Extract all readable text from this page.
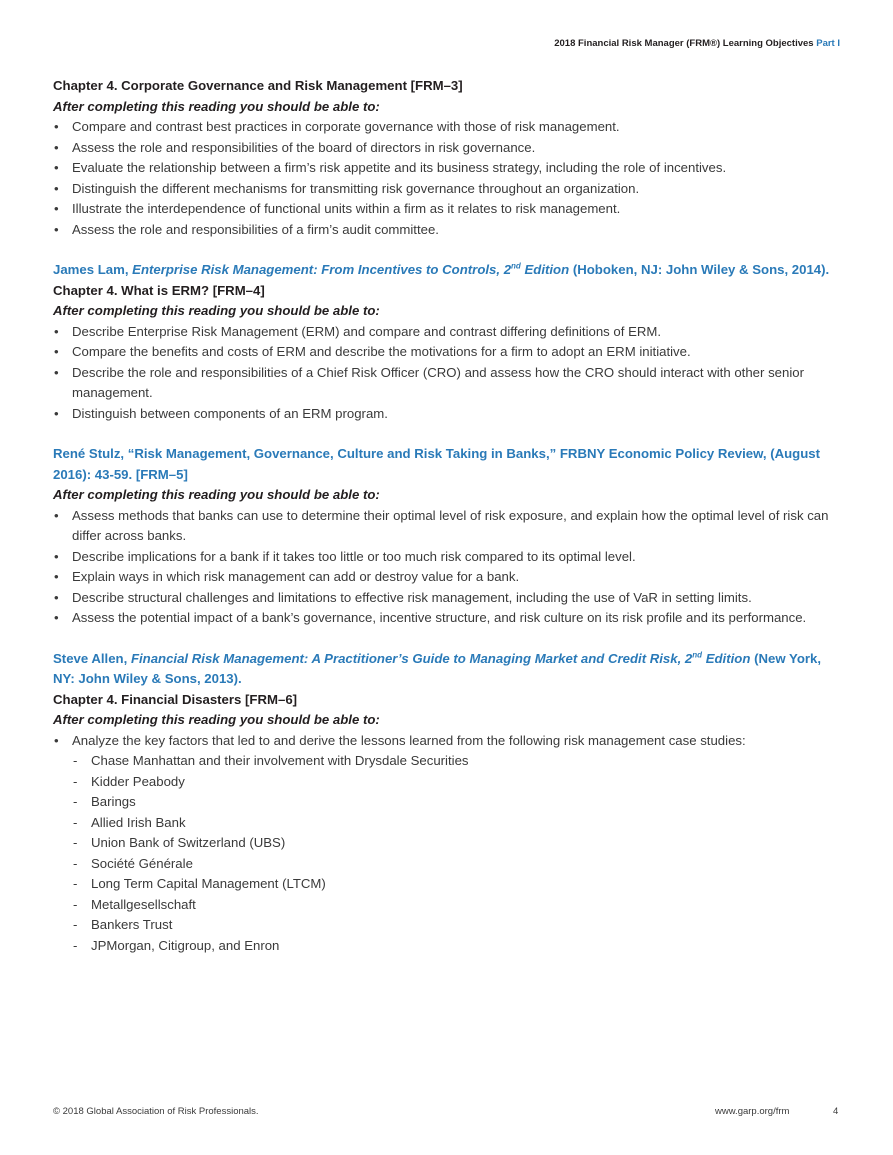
2018 Financial Risk Manager (FRM®) Learning Objectives Part I
Chapter 4. Corporate Governance and Risk Management [FRM–3]
After completing this reading you should be able to:
• Compare and contrast best practices in corporate governance with those of risk management.
• Assess the role and responsibilities of the board of directors in risk governance.
• Evaluate the relationship between a firm’s risk appetite and its business strategy, including the role of incentives.
• Distinguish the different mechanisms for transmitting risk governance throughout an organization.
• Illustrate the interdependence of functional units within a firm as it relates to risk management.
• Assess the role and responsibilities of a firm’s audit committee.
James Lam, Enterprise Risk Management: From Incentives to Controls, 2nd Edition (Hoboken, NJ: John Wiley & Sons, 2014).
Chapter 4. What is ERM? [FRM–4]
After completing this reading you should be able to:
• Describe Enterprise Risk Management (ERM) and compare and contrast differing definitions of ERM.
• Compare the benefits and costs of ERM and describe the motivations for a firm to adopt an ERM initiative.
• Describe the role and responsibilities of a Chief Risk Officer (CRO) and assess how the CRO should interact with other senior management.
• Distinguish between components of an ERM program.
René Stulz, “Risk Management, Governance, Culture and Risk Taking in Banks,” FRBNY Economic Policy Review, (August 2016): 43-59. [FRM–5]
After completing this reading you should be able to:
• Assess methods that banks can use to determine their optimal level of risk exposure, and explain how the optimal level of risk can differ across banks.
• Describe implications for a bank if it takes too little or too much risk compared to its optimal level.
• Explain ways in which risk management can add or destroy value for a bank.
• Describe structural challenges and limitations to effective risk management, including the use of VaR in setting limits.
• Assess the potential impact of a bank’s governance, incentive structure, and risk culture on its risk profile and its performance.
Steve Allen, Financial Risk Management: A Practitioner’s Guide to Managing Market and Credit Risk, 2nd Edition (New York, NY: John Wiley & Sons, 2013).
Chapter 4. Financial Disasters [FRM–6]
After completing this reading you should be able to:
• Analyze the key factors that led to and derive the lessons learned from the following risk management case studies:
- Chase Manhattan and their involvement with Drysdale Securities
- Kidder Peabody
- Barings
- Allied Irish Bank
- Union Bank of Switzerland (UBS)
- Société Générale
- Long Term Capital Management (LTCM)
- Metallgesellschaft
- Bankers Trust
- JPMorgan, Citigroup, and Enron
© 2018 Global Association of Risk Professionals.	www.garp.org/frm	4
